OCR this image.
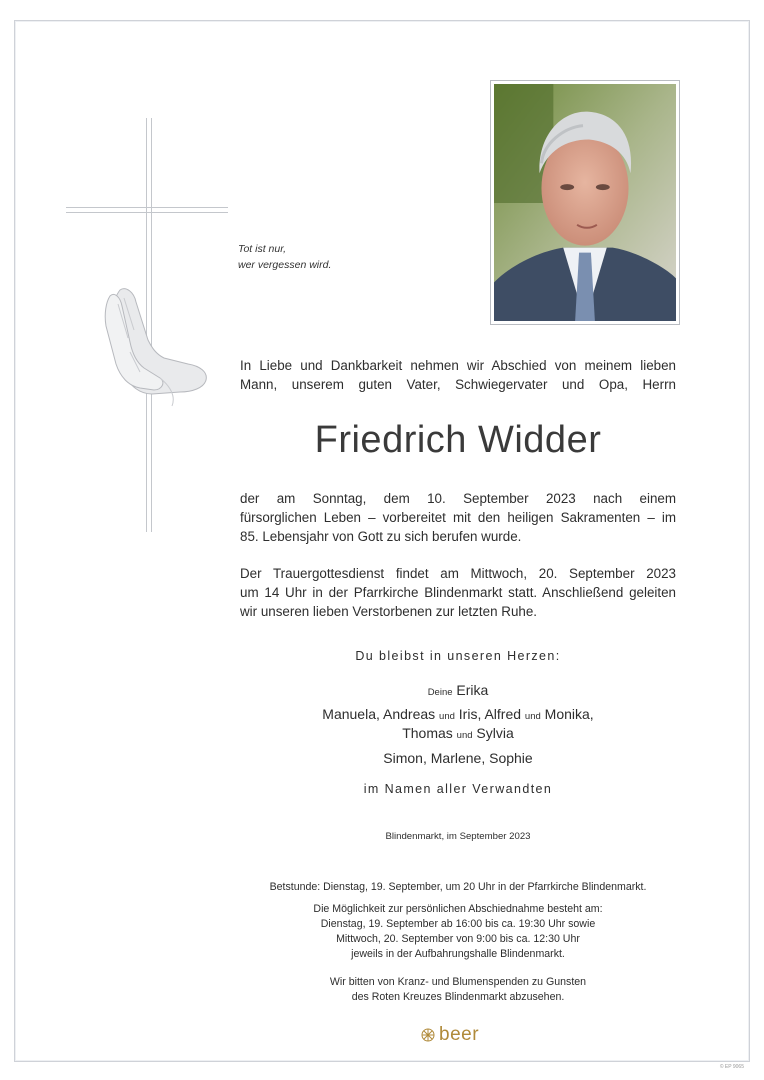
Tot ist nur,
wer vergessen wird.
In Liebe und Dankbarkeit nehmen wir Abschied von meinem lieben
Mann, unserem guten Vater, Schwiegervater und Opa, Herrn
Friedrich Widder
der am Sonntag, dem 10. September 2023 nach einem
fürsorglichen Leben – vorbereitet mit den heiligen Sakramenten – im
85. Lebensjahr von Gott zu sich berufen wurde.
Der Trauergottesdienst findet am Mittwoch, 20. September 2023
um 14 Uhr in der Pfarrkirche Blindenmarkt statt. Anschließend geleiten
wir unseren lieben Verstorbenen zur letzten Ruhe.
Du bleibst in unseren Herzen:
Deine Erika
Manuela, Andreas und Iris, Alfred und Monika,
Thomas und Sylvia
Simon, Marlene, Sophie
im Namen aller Verwandten
Blindenmarkt, im September 2023
Betstunde: Dienstag, 19. September, um 20 Uhr in der Pfarrkirche Blindenmarkt.
Die Möglichkeit zur persönlichen Abschiednahme besteht am:
Dienstag, 19. September ab 16:00 bis ca. 19:30 Uhr sowie
Mittwoch, 20. September von 9:00 bis ca. 12:30 Uhr
jeweils in der Aufbahrungshalle Blindenmarkt.
Wir bitten von Kranz- und Blumenspenden zu Gunsten
des Roten Kreuzes Blindenmarkt abzusehen.
beer
© EP 9065
